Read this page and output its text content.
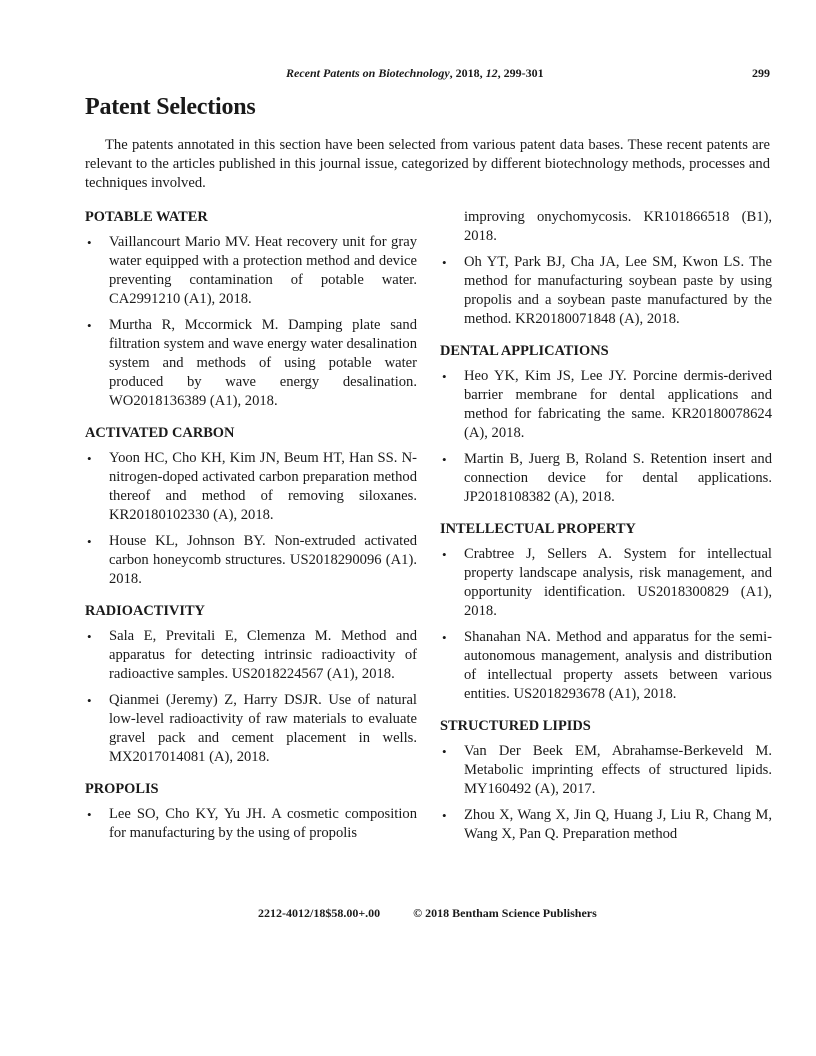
Recent Patents on Biotechnology, 2018, 12, 299-301	299
Patent Selections

The patents annotated in this section have been selected from various patent data bases. These recent patents are relevant to the articles published in this journal issue, categorized by different biotechnology methods, processes and techniques involved.

POTABLE WATER
• Vaillancourt Mario MV. Heat recovery unit for gray water equipped with a protection method and device preventing contamination of potable water. CA2991210 (A1), 2018.
• Murtha R, Mccormick M. Damping plate sand filtration system and wave energy water desalination system and methods of using potable water produced by wave energy desalination. WO2018136389 (A1), 2018.
ACTIVATED CARBON
• Yoon HC, Cho KH, Kim JN, Beum HT, Han SS. N-nitrogen-doped activated carbon preparation method thereof and method of removing siloxanes. KR20180102330 (A), 2018.
• House KL, Johnson BY. Non-extruded activated carbon honeycomb structures. US2018290096 (A1). 2018.
RADIOACTIVITY
• Sala E, Previtali E, Clemenza M. Method and apparatus for detecting intrinsic radioactivity of radioactive samples. US2018224567 (A1), 2018.
• Qianmei (Jeremy) Z, Harry DSJR. Use of natural low-level radioactivity of raw materials to evaluate gravel pack and cement placement in wells. MX2017014081 (A), 2018.
PROPOLIS
• Lee SO, Cho KY, Yu JH. A cosmetic composition for manufacturing by the using of propolis
improving onychomycosis. KR101866518 (B1), 2018.
• Oh YT, Park BJ, Cha JA, Lee SM, Kwon LS. The method for manufacturing soybean paste by using propolis and a soybean paste manufactured by the method. KR20180071848 (A), 2018.
DENTAL APPLICATIONS
• Heo YK, Kim JS, Lee JY. Porcine dermis-derived barrier membrane for dental applications and method for fabricating the same. KR20180078624 (A), 2018.
• Martin B, Juerg B, Roland S. Retention insert and connection device for dental applications. JP2018108382 (A), 2018.
INTELLECTUAL PROPERTY
• Crabtree J, Sellers A. System for intellectual property landscape analysis, risk management, and opportunity identification. US2018300829 (A1), 2018.
• Shanahan NA. Method and apparatus for the semi-autonomous management, analysis and distribution of intellectual property assets between various entities. US2018293678 (A1), 2018.
STRUCTURED LIPIDS
• Van Der Beek EM, Abrahamse-Berkeveld M. Metabolic imprinting effects of structured lipids. MY160492 (A), 2017.
• Zhou X, Wang X, Jin Q, Huang J, Liu R, Chang M, Wang X, Pan Q. Preparation method
2212-4012/18$58.00+.00	© 2018 Bentham Science Publishers
